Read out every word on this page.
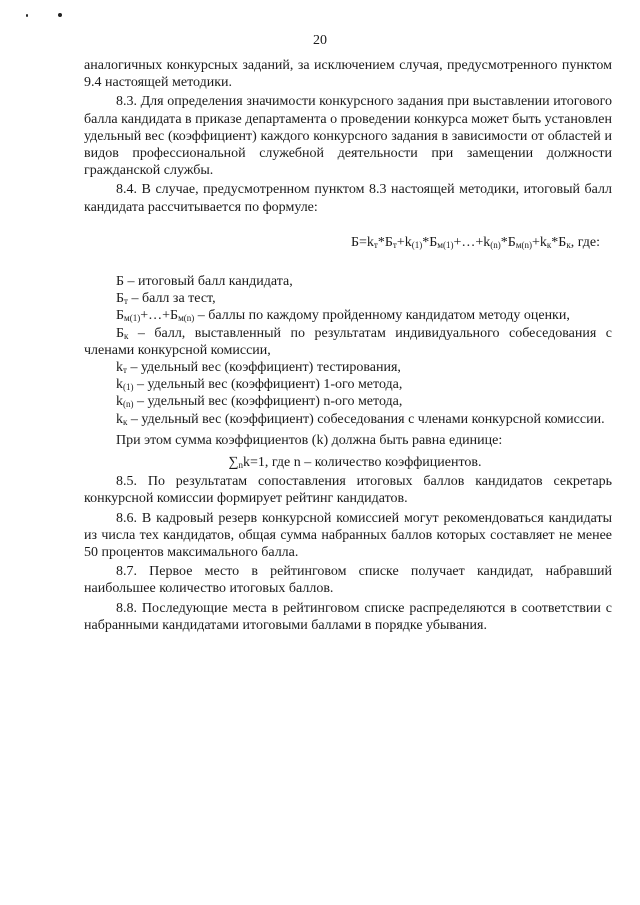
20

аналогичных конкурсных заданий, за исключением случая, предусмотренного пунктом 9.4 настоящей методики.

8.3. Для определения значимости конкурсного задания при выставлении итогового балла кандидата в приказе департамента о проведении конкурса может быть установлен удельный вес (коэффициент) каждого конкурсного задания в зависимости от областей и видов профессиональной служебной деятельности при замещении должности гражданской службы.

8.4. В случае, предусмотренном пунктом 8.3 настоящей методики, итоговый балл кандидата рассчитывается по формуле:

$Б=k_т*Б_т+k_{(1)}*Б_{м(1)}+\dots+k_{(n)}*Б_{м(n)}+k_к*Б_к$, где:

Б – итоговый балл кандидата,

$Б_т$ – балл за тест,

$Б_{м(1)}+\dots+Б_{м(n)}$ – баллы по каждому пройденному кандидатом методу оценки,

$Б_к$ – балл, выставленный по результатам индивидуального собеседования с членами конкурсной комиссии,

$k_т$ – удельный вес (коэффициент) тестирования,

$k_{(1)}$ – удельный вес (коэффициент) 1-ого метода,

$k_{(n)}$ – удельный вес (коэффициент) n-ого метода,

$k_к$ – удельный вес (коэффициент) собеседования с членами конкурсной комиссии.

При этом сумма коэффициентов (k) должна быть равна единице:

$\sum_nk=1$, где n – количество коэффициентов.

8.5. По результатам сопоставления итоговых баллов кандидатов секретарь конкурсной комиссии формирует рейтинг кандидатов.

8.6. В кадровый резерв конкурсной комиссией могут рекомендоваться кандидаты из числа тех кандидатов, общая сумма набранных баллов которых составляет не менее 50 процентов максимального балла.

8.7. Первое место в рейтинговом списке получает кандидат, набравший наибольшее количество итоговых баллов.

8.8. Последующие места в рейтинговом списке распределяются в соответствии с набранными кандидатами итоговыми баллами в порядке убывания.
